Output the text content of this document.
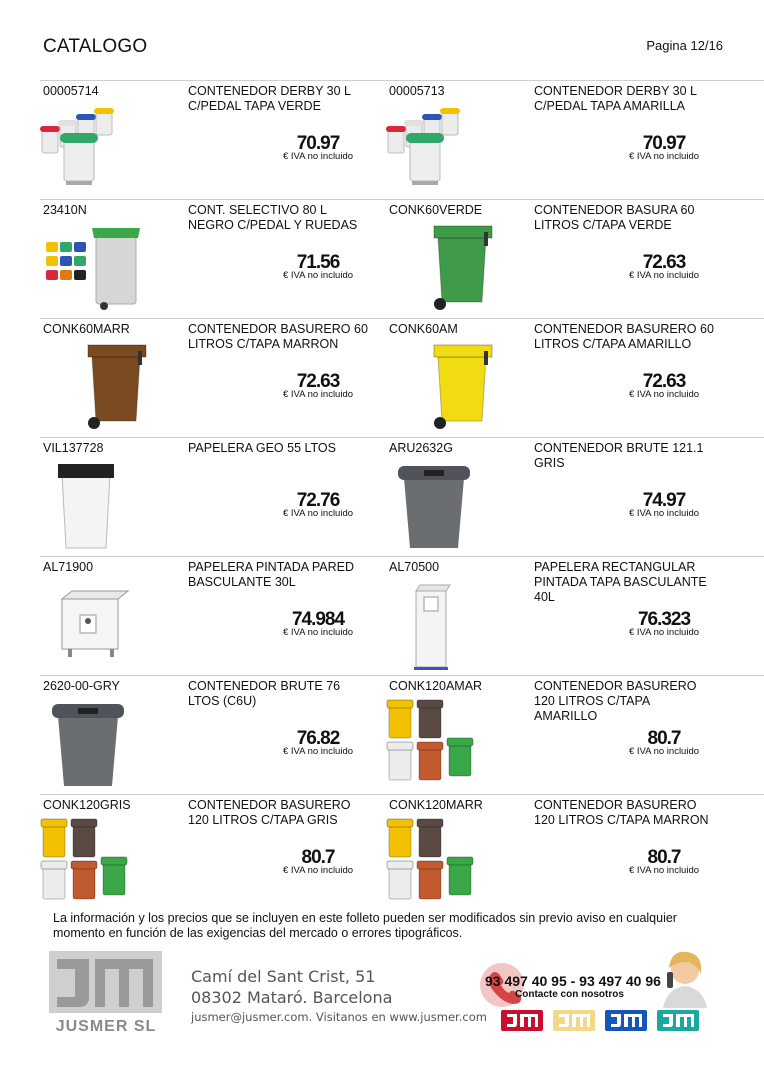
CATALOGO	Pagina 12/16
00005714	CONTENEDOR DERBY 30 L C/PEDAL TAPA VERDE
70.97
€ IVA no incluido
00005713	CONTENEDOR DERBY 30 L C/PEDAL TAPA AMARILLA
70.97
€ IVA no incluido
23410N	CONT. SELECTIVO 80 L NEGRO C/PEDAL Y RUEDAS
71.56
€ IVA no incluido
CONK60VERDE	CONTENEDOR BASURA 60 LITROS C/TAPA VERDE
72.63
€ IVA no incluido
CONK60MARR	CONTENEDOR BASURERO 60 LITROS C/TAPA MARRON
72.63
€ IVA no incluido
CONK60AM	CONTENEDOR BASURERO 60 LITROS C/TAPA AMARILLO
72.63
€ IVA no incluido
VIL137728	PAPELERA GEO 55 LTOS
72.76
€ IVA no incluido
ARU2632G	CONTENEDOR BRUTE 121.1 GRIS
74.97
€ IVA no incluido
AL71900	PAPELERA PINTADA PARED BASCULANTE 30L
74.984
€ IVA no incluido
AL70500	PAPELERA RECTANGULAR PINTADA TAPA BASCULANTE 40L
76.323
€ IVA no incluido
2620-00-GRY	CONTENEDOR BRUTE 76 LTOS (C6U)
76.82
€ IVA no incluido
CONK120AMAR	CONTENEDOR BASURERO 120 LITROS C/TAPA AMARILLO
80.7
€ IVA no incluido
CONK120GRIS	CONTENEDOR BASURERO 120 LITROS C/TAPA GRIS
80.7
€ IVA no incluido
CONK120MARR	CONTENEDOR BASURERO 120 LITROS C/TAPA MARRON
80.7
€ IVA no incluido
La información y los precios que se incluyen en este folleto pueden ser modificados sin previo aviso en cualquier momento en función de las exigencias del mercado o errores tipográficos.
JUSMER SL
Camí del Sant Crist, 51
08302 Mataró. Barcelona
jusmer@jusmer.com. Visitanos en www.jusmer.com
93 497 40 95 - 93 497 40 96
Contacte con nosotros
